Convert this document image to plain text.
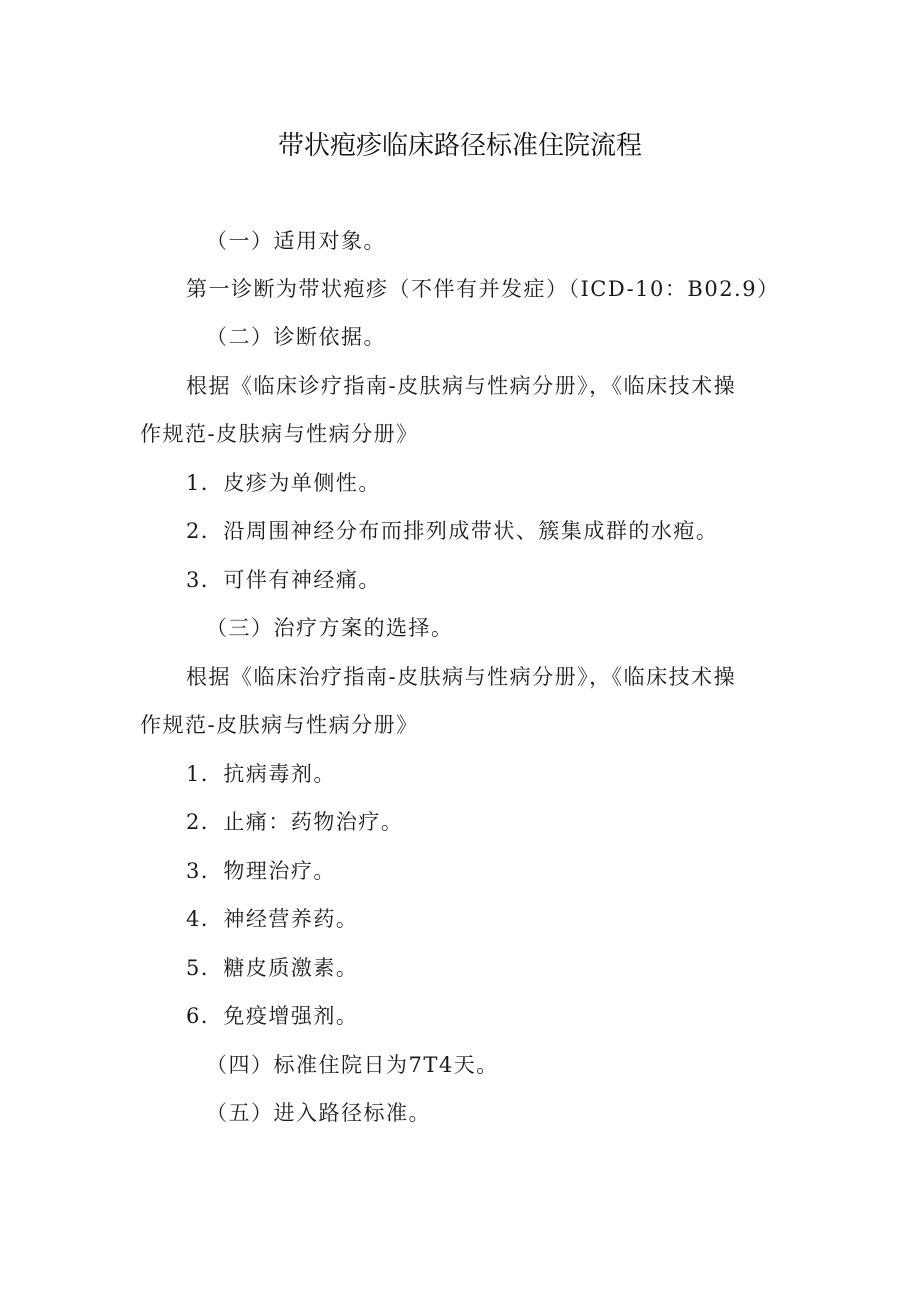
带状疱疹临床路径标准住院流程
（一）适用对象。
第一诊断为带状疱疹（不伴有并发症）（ICD-10：B02.9）
（二）诊断依据。
根据《临床诊疗指南-皮肤病与性病分册》，《临床技术操
作规范-皮肤病与性病分册》
1．皮疹为单侧性。
2．沿周围神经分布而排列成带状、簇集成群的水疱。
3．可伴有神经痛。
（三）治疗方案的选择。
根据《临床治疗指南-皮肤病与性病分册》，《临床技术操
作规范-皮肤病与性病分册》
1．抗病毒剂。
2．止痛：药物治疗。
3．物理治疗。
4．神经营养药。
5．糖皮质激素。
6．免疫增强剂。
（四）标准住院日为7T4天。
（五）进入路径标准。
